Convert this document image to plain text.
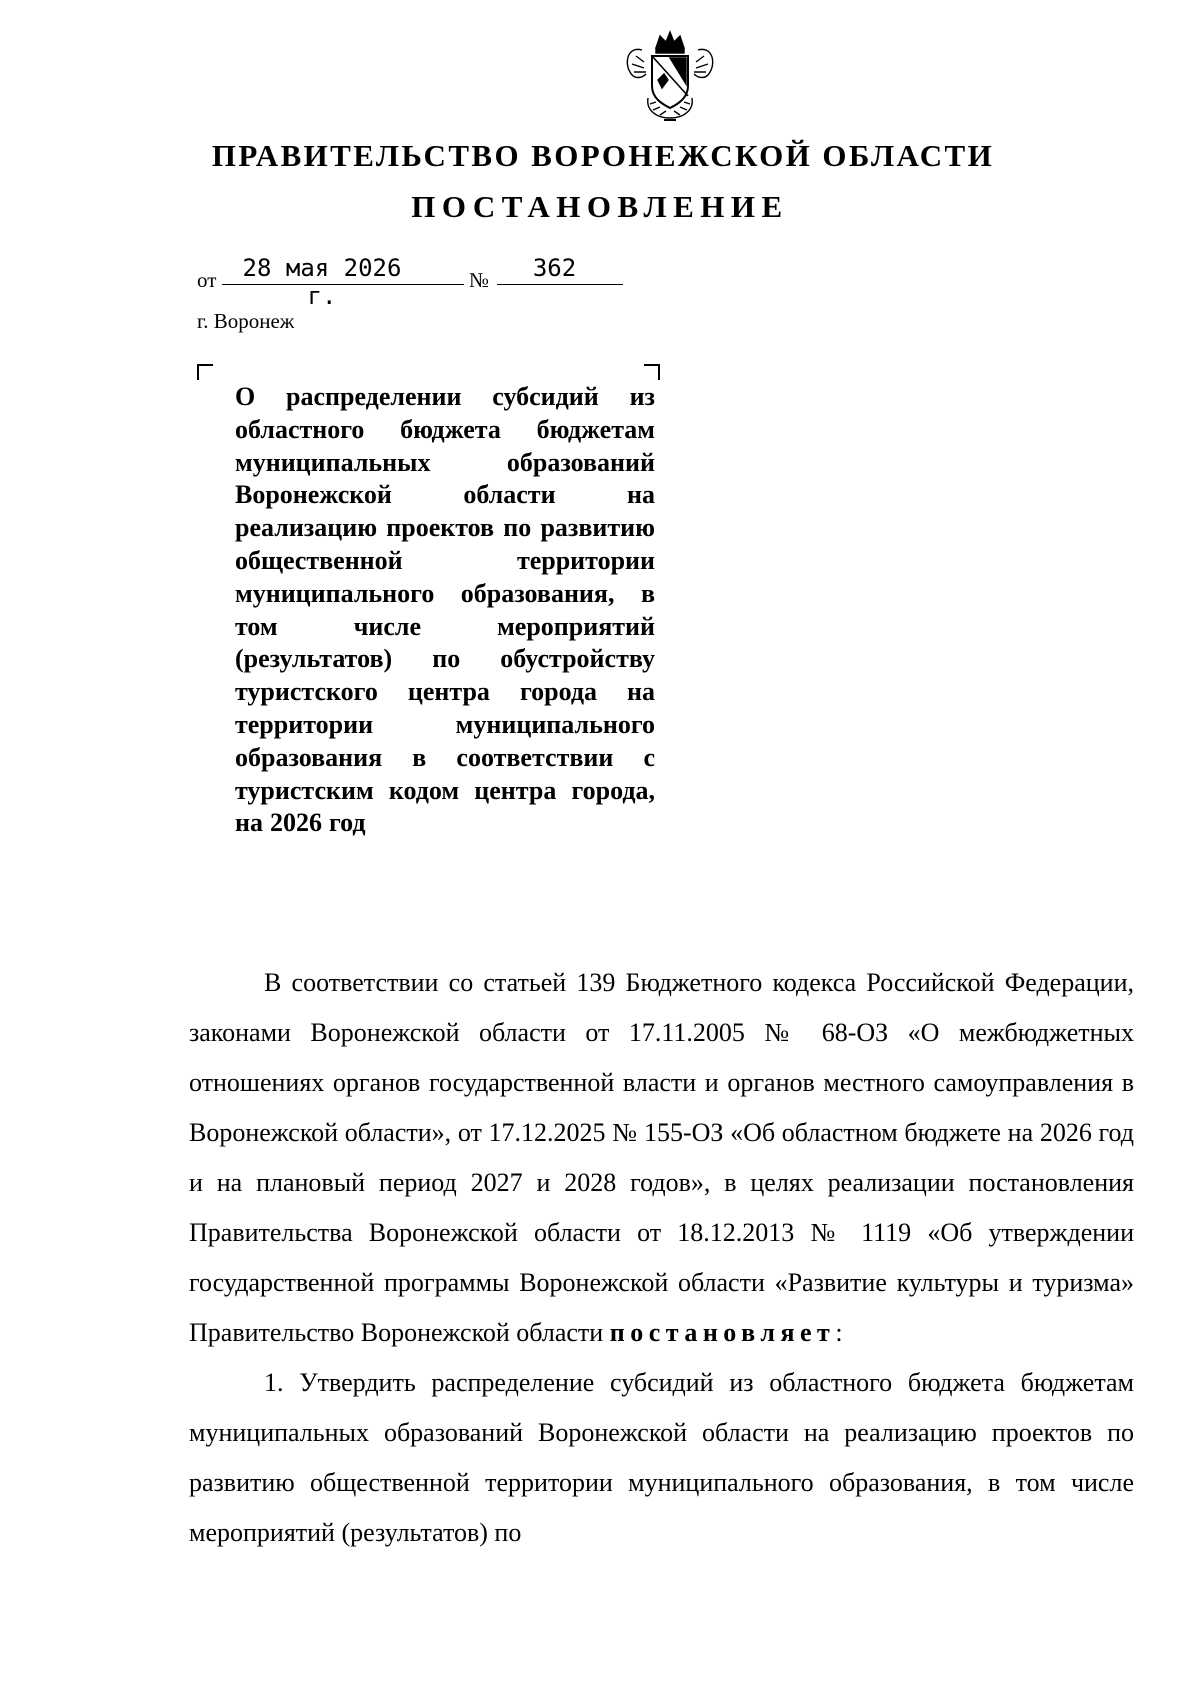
ПРАВИТЕЛЬСТВО ВОРОНЕЖСКОЙ ОБЛАСТИ
ПОСТАНОВЛЕНИЕ
от	28 мая 2026 г.
№	362
г. Воронеж
О распределении субсидий из областного бюджета бюджетам муниципальных образований Воронежской области на реализацию проектов по развитию общественной территории муниципального образования, в том числе мероприятий (результатов) по обустройству туристского центра города на территории муниципального образования в соответствии с туристским кодом центра города, на 2026 год

В соответствии со статьей 139 Бюджетного кодекса Российской Федерации, законами Воронежской области от 17.11.2005 № 68-ОЗ «О межбюджетных отношениях органов государственной власти и органов местного самоуправления в Воронежской области», от 17.12.2025 № 155-ОЗ «Об областном бюджете на 2026 год и на плановый период 2027 и 2028 годов», в целях реализации постановления Правительства Воронежской области от 18.12.2013 № 1119 «Об утверждении государственной программы Воронежской области «Развитие культуры и туризма» Правительство Воронежской области постановляет:

1. Утвердить распределение субсидий из областного бюджета бюджетам муниципальных образований Воронежской области на реализацию проектов по развитию общественной территории муниципального образования, в том числе мероприятий (результатов) по
